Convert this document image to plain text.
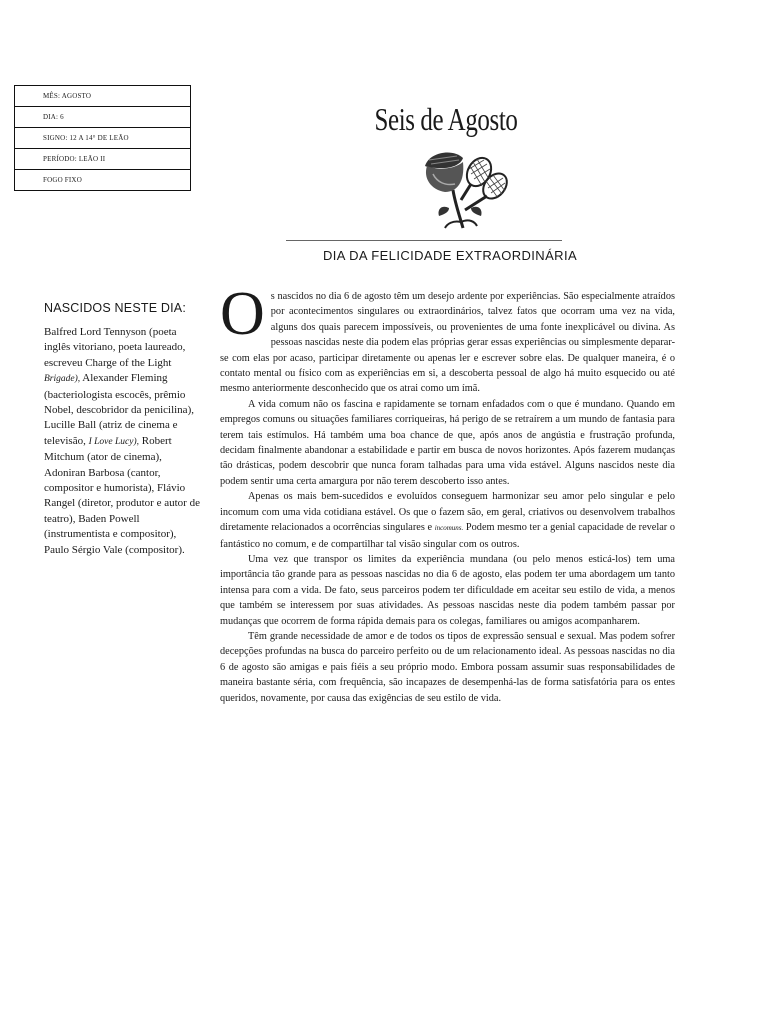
MÊS: AGOSTO
DIA: 6
SIGNO: 12 A 14° DE LEÃO
PERÍODO: LEÃO II
FOGO FIXO
Seis de Agosto
DIA DA FELICIDADE EXTRAORDINÁRIA
NASCIDOS NESTE DIA:

Balfred Lord Tennyson (poeta inglês vitoriano, poeta laureado, escreveu Charge of the Light Brigade), Alexander Fleming (bacteriologista escocês, prêmio Nobel, descobridor da penicilina), Lucille Ball (atriz de cinema e televisão, I Love Lucy), Robert Mitchum (ator de cinema), Adoniran Barbosa (cantor, compositor e humorista), Flávio Rangel (diretor, produtor e autor de teatro), Baden Powell (instrumentista e compositor), Paulo Sérgio Vale (compositor).

Os nascidos no dia 6 de agosto têm um desejo ardente por experiências. São especialmente atraídos por acontecimentos singulares ou extraordinários, talvez fatos que ocorram uma vez na vida, alguns dos quais parecem impossíveis, ou provenientes de uma fonte inexplicável ou divina. As pessoas nascidas neste dia podem elas próprias gerar essas experiências ou simplesmente deparar-se com elas por acaso, participar diretamente ou apenas ler e escrever sobre elas. De qualquer maneira, é o contato mental ou físico com as experiências em si, a descoberta pessoal de algo há muito esquecido ou até mesmo anteriormente desconhecido que os atrai como um ímã.

A vida comum não os fascina e rapidamente se tornam enfadados com o que é mundano. Quando em empregos comuns ou situações familiares corriqueiras, há perigo de se retraírem a um mundo de fantasia para terem tais estímulos. Há também uma boa chance de que, após anos de angústia e frustração profunda, decidam finalmente abandonar a estabilidade e partir em busca de novos horizontes. Após fazerem mudanças tão drásticas, podem descobrir que nunca foram talhadas para uma vida estável. Alguns nascidos neste dia podem sentir uma certa amargura por não terem descoberto isso antes.

Apenas os mais bem-sucedidos e evoluídos conseguem harmonizar seu amor pelo singular e pelo incomum com uma vida cotidiana estável. Os que o fazem são, em geral, criativos ou desenvolvem trabalhos diretamente relacionados a ocorrências singulares e incomuns. Podem mesmo ter a genial capacidade de revelar o fantástico no comum, e de compartilhar tal visão singular com os outros.

Uma vez que transpor os limites da experiência mundana (ou pelo menos esticá-los) tem uma importância tão grande para as pessoas nascidas no dia 6 de agosto, elas podem ter uma abordagem um tanto intensa para com a vida. De fato, seus parceiros podem ter dificuldade em aceitar seu estilo de vida, a menos que também se interessem por suas atividades. As pessoas nascidas neste dia podem também passar por mudanças que ocorrem de forma rápida demais para os colegas, familiares ou amigos acompanharem.

Têm grande necessidade de amor e de todos os tipos de expressão sensual e sexual. Mas podem sofrer decepções profundas na busca do parceiro perfeito ou de um relacionamento ideal. As pessoas nascidas no dia 6 de agosto são amigas e pais fiéis a seu próprio modo. Embora possam assumir suas responsabilidades de maneira bastante séria, com frequência, são incapazes de desempenhá-las de forma satisfatória para os entes queridos, novamente, por causa das exigências de seu estilo de vida.
